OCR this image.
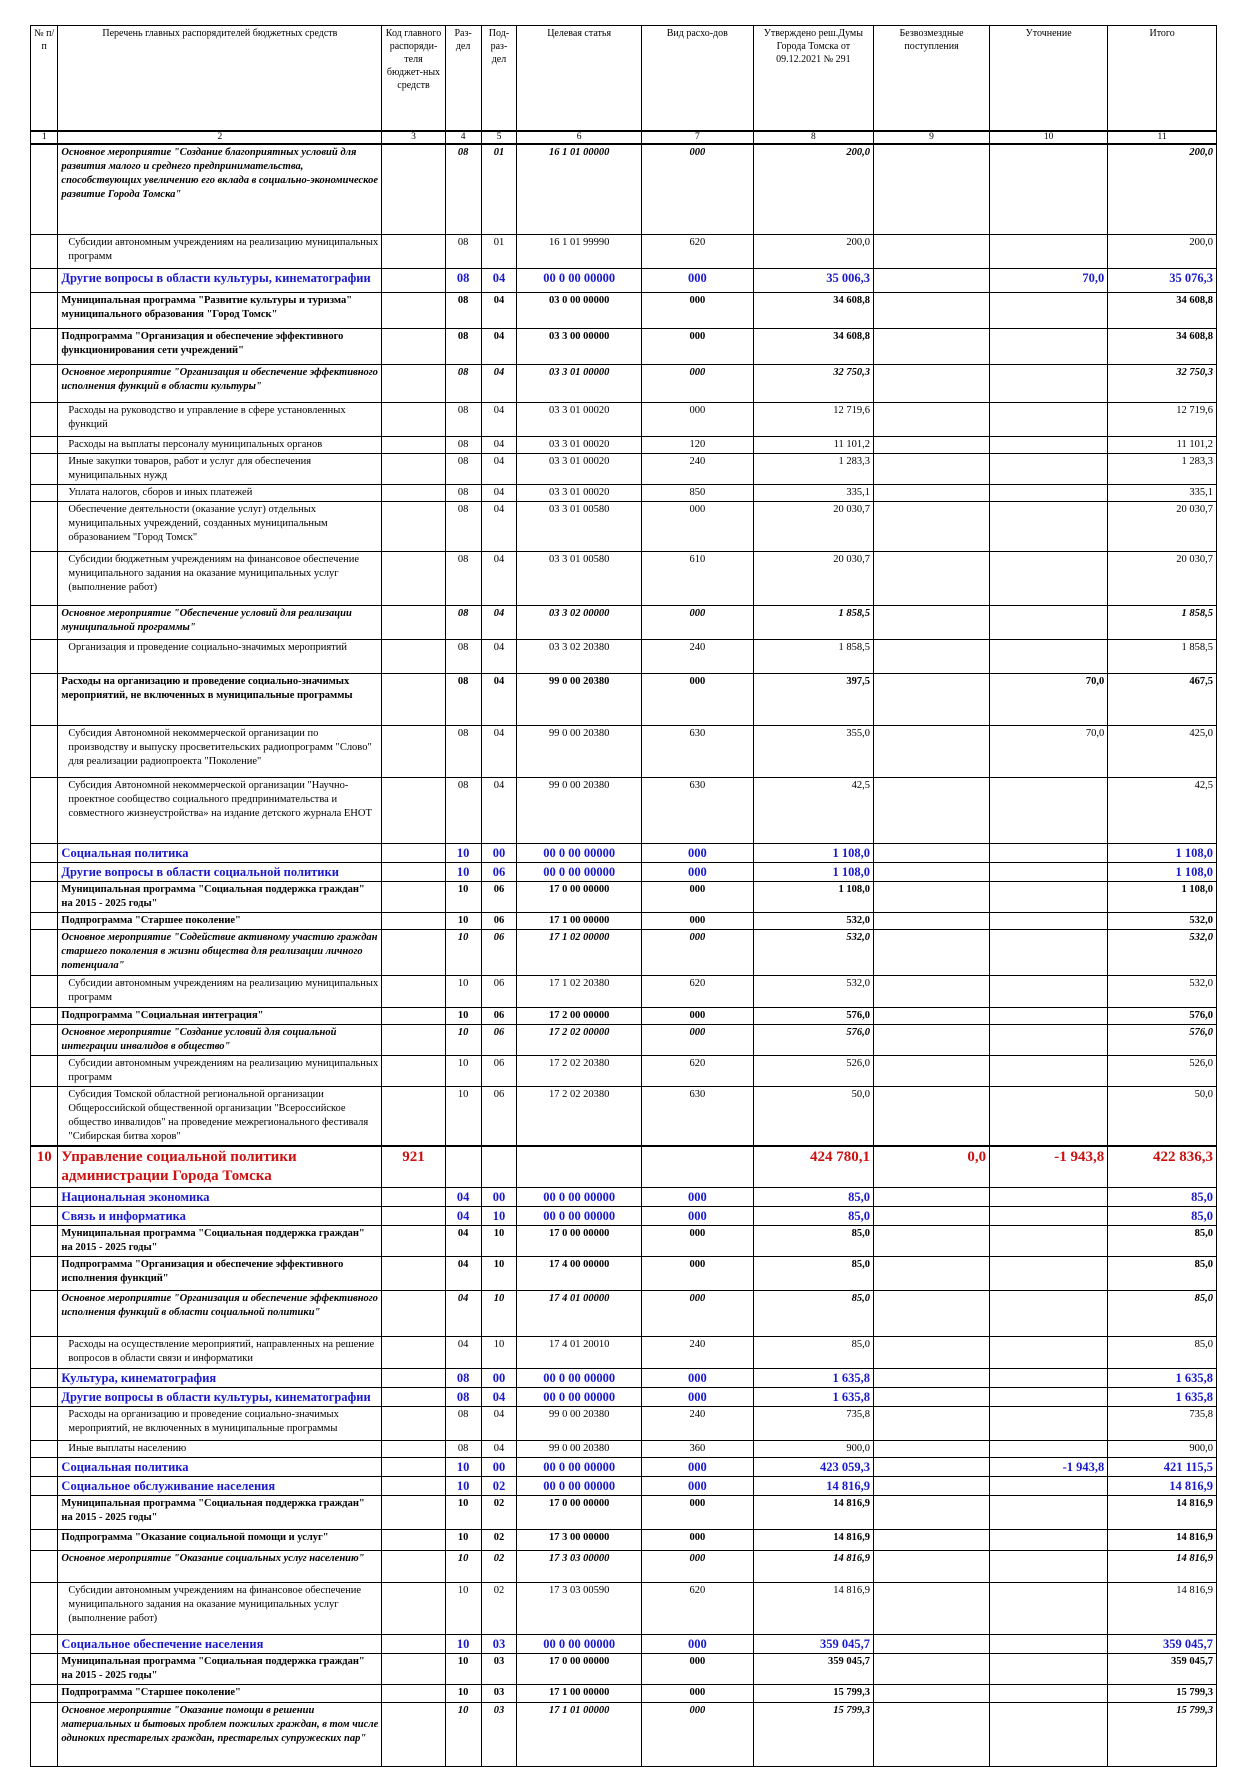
№ п/п	Перечень главных распорядителей бюджетных средств	Код главного распоряди-теля бюджет-ных средств	Раз-дел	Под-раз-дел	Целевая статья	Вид расхо-дов	Утверждено реш.Думы Города Томска от 09.12.2021 № 291	Безвозмездные поступления	Уточнение	Итого
1	2	3	4	5	6	7	8	9	10	11
	Основное мероприятие "Создание благоприятных условий для развития малого и среднего предпринимательства, способствующих увеличению его вклада в социально-экономическое развитие Города Томска"		08	01	16 1 01 00000	000	200,0			200,0
	Субсидии автономным учреждениям на реализацию муниципальных программ		08	01	16 1 01 99990	620	200,0			200,0
	Другие вопросы в области культуры, кинематографии		08	04	00 0 00 00000	000	35 006,3		70,0	35 076,3
	Муниципальная программа "Развитие культуры и туризма" муниципального образования "Город Томск"		08	04	03 0 00 00000	000	34 608,8			34 608,8
	Подпрограмма "Организация и обеспечение эффективного функционирования сети учреждений"		08	04	03 3 00 00000	000	34 608,8			34 608,8
	Основное мероприятие "Организация и обеспечение эффективного исполнения функций в области культуры"		08	04	03 3 01 00000	000	32 750,3			32 750,3
	Расходы на руководство и управление в сфере установленных функций		08	04	03 3 01 00020	000	12 719,6			12 719,6
	Расходы на выплаты персоналу муниципальных органов		08	04	03 3 01 00020	120	11 101,2			11 101,2
	Иные закупки товаров, работ и услуг для обеспечения муниципальных нужд		08	04	03 3 01 00020	240	1 283,3			1 283,3
	Уплата налогов, сборов и иных платежей		08	04	03 3 01 00020	850	335,1			335,1
	Обеспечение деятельности (оказание услуг) отдельных муниципальных учреждений, созданных муниципальным образованием "Город Томск"		08	04	03 3 01 00580	000	20 030,7			20 030,7
	Субсидии бюджетным учреждениям на финансовое обеспечение муниципального задания на оказание муниципальных услуг (выполнение работ)		08	04	03 3 01 00580	610	20 030,7			20 030,7
	Основное мероприятие "Обеспечение условий для реализации муниципальной программы"		08	04	03 3 02 00000	000	1 858,5			1 858,5
	Организация и проведение социально-значимых мероприятий		08	04	03 3 02 20380	240	1 858,5			1 858,5
	Расходы на организацию и проведение социально-значимых мероприятий, не включенных в муниципальные программы		08	04	99 0 00 20380	000	397,5		70,0	467,5
	Субсидия Автономной некоммерческой организации по производству и выпуску просветительских радиопрограмм "Слово" для реализации радиопроекта "Поколение"		08	04	99 0 00 20380	630	355,0		70,0	425,0
	Субсидия Автономной некоммерческой организации "Научно-проектное сообщество социального предпринимательства и совместного жизнеустройства» на издание детского журнала ЕНОТ		08	04	99 0 00 20380	630	42,5			42,5
	Социальная политика		10	00	00 0 00 00000	000	1 108,0			1 108,0
	Другие вопросы в области социальной политики		10	06	00 0 00 00000	000	1 108,0			1 108,0
	Муниципальная программа "Социальная поддержка граждан" на 2015 - 2025 годы"		10	06	17 0 00 00000	000	1 108,0			1 108,0
	Подпрограмма "Старшее поколение"		10	06	17 1 00 00000	000	532,0			532,0
	Основное мероприятие "Содействие активному участию граждан старшего поколения в жизни общества для реализации личного потенциала"		10	06	17 1 02 00000	000	532,0			532,0
	Субсидии автономным учреждениям на реализацию муниципальных программ		10	06	17 1 02 20380	620	532,0			532,0
	Подпрограмма "Социальная интеграция"		10	06	17 2 00 00000	000	576,0			576,0
	Основное мероприятие "Создание условий для социальной интеграции инвалидов в общество"		10	06	17 2 02 00000	000	576,0			576,0
	Субсидии автономным учреждениям на реализацию муниципальных программ		10	06	17 2 02 20380	620	526,0			526,0
	Субсидия Томской областной региональной организации Общероссийской общественной организации "Всероссийское общество инвалидов" на проведение межрегионального фестиваля "Сибирская битва хоров"		10	06	17 2 02 20380	630	50,0			50,0
10	Управление социальной политики администрации Города Томска	921					424 780,1	0,0	-1 943,8	422 836,3
	Национальная экономика		04	00	00 0 00 00000	000	85,0			85,0
	Связь и информатика		04	10	00 0 00 00000	000	85,0			85,0
	Муниципальная программа "Социальная поддержка граждан" на 2015 - 2025 годы"		04	10	17 0 00 00000	000	85,0			85,0
	Подпрограмма "Организация и обеспечение эффективного исполнения функций"		04	10	17 4 00 00000	000	85,0			85,0
	Основное мероприятие "Организация и обеспечение эффективного исполнения функций в области социальной политики"		04	10	17 4 01 00000	000	85,0			85,0
	Расходы на осуществление мероприятий, направленных на решение вопросов в области связи и информатики		04	10	17 4 01 20010	240	85,0			85,0
	Культура, кинематография		08	00	00 0 00 00000	000	1 635,8			1 635,8
	Другие вопросы в области культуры, кинематографии		08	04	00 0 00 00000	000	1 635,8			1 635,8
	Расходы на организацию и проведение социально-значимых мероприятий, не включенных в муниципальные программы		08	04	99 0 00 20380	240	735,8			735,8
	Иные выплаты населению		08	04	99 0 00 20380	360	900,0			900,0
	Социальная политика		10	00	00 0 00 00000	000	423 059,3		-1 943,8	421 115,5
	Социальное обслуживание населения		10	02	00 0 00 00000	000	14 816,9			14 816,9
	Муниципальная программа "Социальная поддержка граждан" на 2015 - 2025 годы"		10	02	17 0 00 00000	000	14 816,9			14 816,9
	Подпрограмма "Оказание социальной помощи и услуг"		10	02	17 3 00 00000	000	14 816,9			14 816,9
	Основное мероприятие "Оказание социальных услуг населению"		10	02	17 3 03 00000	000	14 816,9			14 816,9
	Субсидии автономным учреждениям на финансовое обеспечение муниципального задания на оказание муниципальных услуг (выполнение работ)		10	02	17 3 03 00590	620	14 816,9			14 816,9
	Социальное обеспечение населения		10	03	00 0 00 00000	000	359 045,7			359 045,7
	Муниципальная программа "Социальная поддержка граждан" на 2015 - 2025 годы"		10	03	17 0 00 00000	000	359 045,7			359 045,7
	Подпрограмма "Старшее поколение"		10	03	17 1 00 00000	000	15 799,3			15 799,3
	Основное мероприятие "Оказание помощи в решении материальных и бытовых проблем пожилых граждан, в том числе одиноких престарелых граждан, престарелых супружеских пар"		10	03	17 1 01 00000	000	15 799,3			15 799,3
